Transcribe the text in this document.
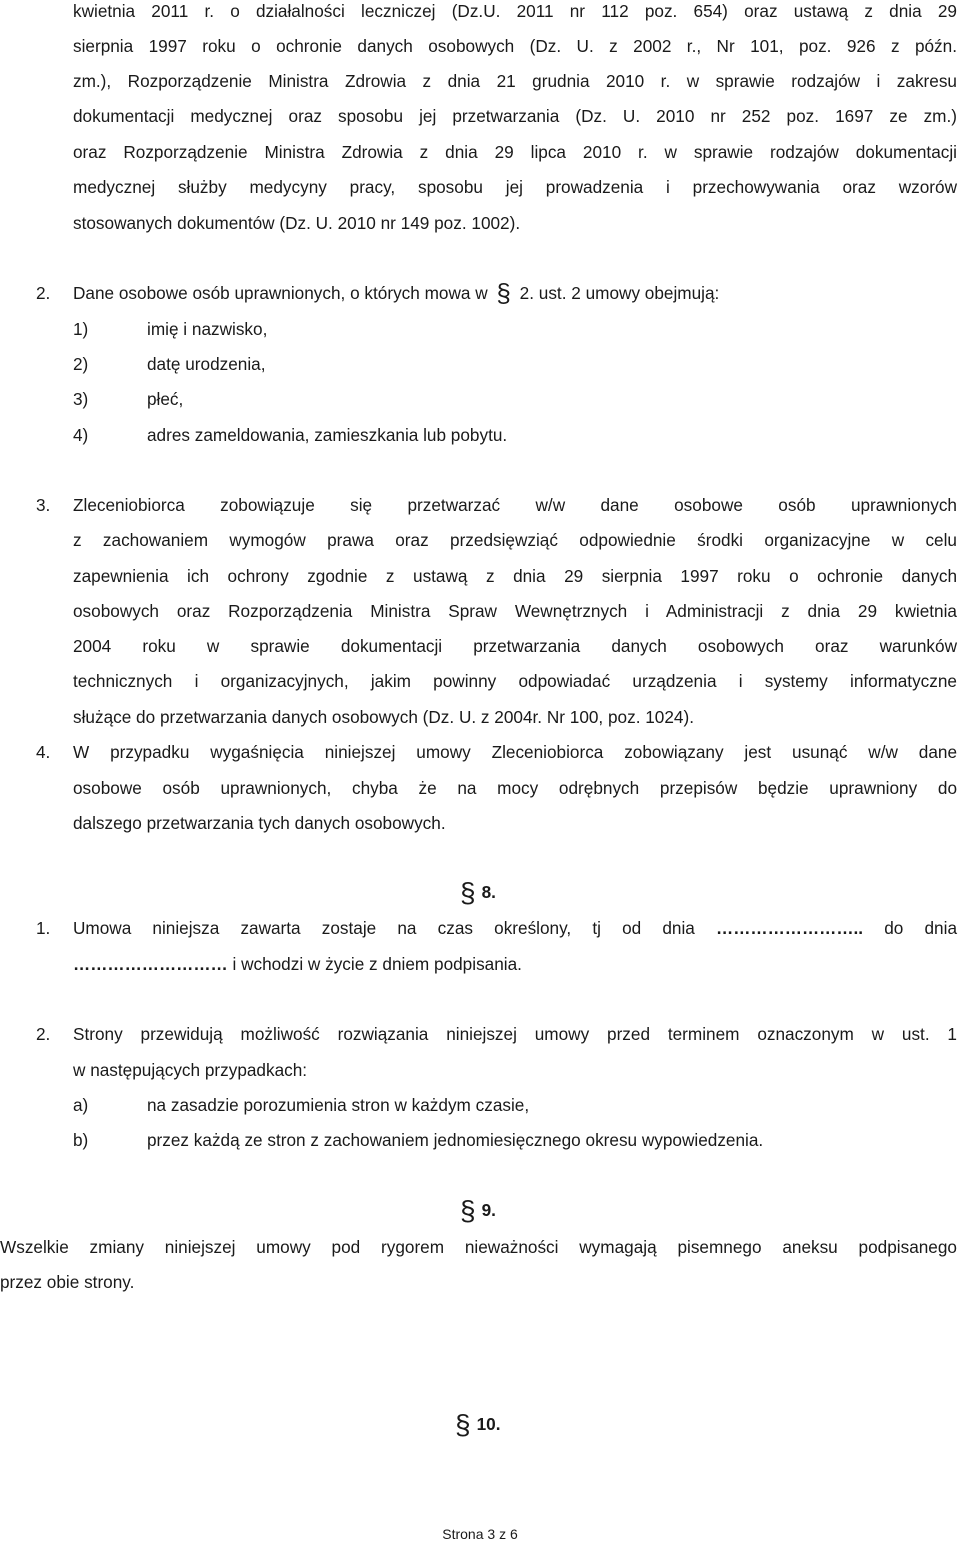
kwietnia 2011 r. o działalności leczniczej (Dz.U. 2011 nr 112 poz. 654) oraz ustawą z dnia 29
sierpnia 1997 roku o ochronie danych osobowych (Dz. U. z 2002 r., Nr 101, poz. 926 z późn.
zm.), Rozporządzenie Ministra Zdrowia z dnia 21 grudnia 2010 r. w sprawie rodzajów i zakresu
dokumentacji medycznej oraz sposobu jej przetwarzania (Dz. U. 2010 nr 252 poz. 1697 ze zm.)
oraz Rozporządzenie Ministra Zdrowia z dnia 29 lipca 2010 r. w sprawie rodzajów dokumentacji
medycznej służby medycyny pracy, sposobu jej prowadzenia i przechowywania oraz wzorów
stosowanych dokumentów (Dz. U. 2010 nr 149 poz. 1002).
2. Dane osobowe osób uprawnionych, o których mowa w § 2. ust. 2 umowy obejmują:
1)	imię i nazwisko,
2)	datę urodzenia,
3)	płeć,
4)	adres zameldowania, zamieszkania lub pobytu.
3. Zleceniobiorca zobowiązuje się przetwarzać w/w dane osobowe osób uprawnionych
z zachowaniem wymogów prawa oraz przedsięwziąć odpowiednie środki organizacyjne w celu
zapewnienia ich ochrony zgodnie z ustawą z dnia 29 sierpnia 1997 roku o ochronie danych
osobowych oraz Rozporządzenia Ministra Spraw Wewnętrznych i Administracji z dnia 29 kwietnia
2004 roku w sprawie dokumentacji przetwarzania danych osobowych oraz warunków
technicznych i organizacyjnych, jakim powinny odpowiadać urządzenia i systemy informatyczne
służące do przetwarzania danych osobowych (Dz. U. z 2004r. Nr 100, poz. 1024).
4. W przypadku wygaśnięcia niniejszej umowy Zleceniobiorca zobowiązany jest usunąć w/w dane
osobowe osób uprawnionych, chyba że na mocy odrębnych przepisów będzie uprawniony do
dalszego przetwarzania tych danych osobowych.
§ 8.
1. Umowa niniejsza zawarta zostaje na czas określony, tj od dnia …………………….. do dnia
……………………… i wchodzi w życie z dniem podpisania.
2. Strony przewidują możliwość rozwiązania niniejszej umowy przed terminem oznaczonym w ust. 1
w następujących przypadkach:
a)	na zasadzie porozumienia stron w każdym czasie,
b)	przez każdą ze stron z zachowaniem jednomiesięcznego okresu wypowiedzenia.
§ 9.
Wszelkie zmiany niniejszej umowy pod rygorem nieważności wymagają pisemnego aneksu podpisanego
przez obie strony.
§ 10.
Strona 3 z 6
